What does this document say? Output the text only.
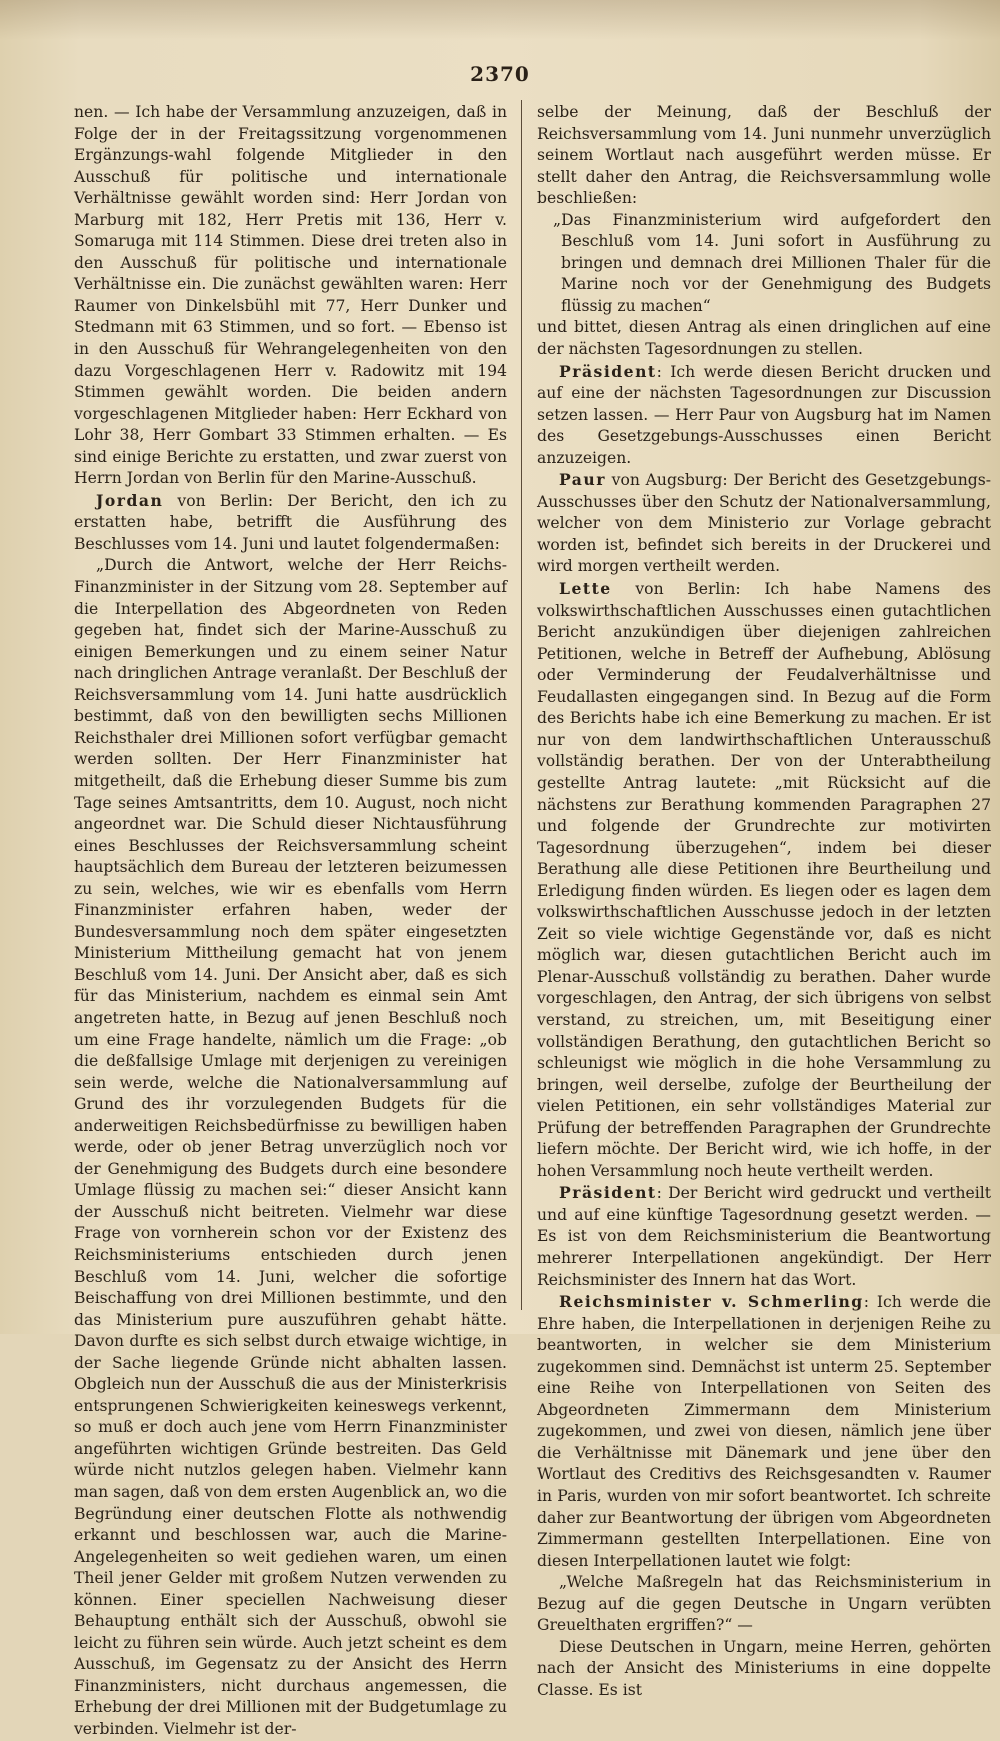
2370

nen. — Ich habe der Versammlung anzuzeigen, daß in Folge der in der Freitagssitzung vorgenommenen Ergänzungs-wahl folgende Mitglieder in den Ausschuß für politische und internationale Verhältnisse gewählt worden sind: Herr Jordan von Marburg mit 182, Herr Pretis mit 136, Herr v. Somaruga mit 114 Stimmen. Diese drei treten also in den Ausschuß für politische und internationale Verhältnisse ein. Die zunächst gewählten waren: Herr Raumer von Dinkelsbühl mit 77, Herr Dunker und Stedmann mit 63 Stimmen, und so fort. — Ebenso ist in den Ausschuß für Wehrangelegenheiten von den dazu Vorgeschlagenen Herr v. Radowitz mit 194 Stimmen gewählt worden. Die beiden andern vorgeschlagenen Mitglieder haben: Herr Eckhard von Lohr 38, Herr Gombart 33 Stimmen erhalten. — Es sind einige Berichte zu erstatten, und zwar zuerst von Herrn Jordan von Berlin für den Marine-Ausschuß.

Jordan von Berlin: Der Bericht, den ich zu erstatten habe, betrifft die Ausführung des Beschlusses vom 14. Juni und lautet folgendermaßen:

„Durch die Antwort, welche der Herr Reichs-Finanzminister in der Sitzung vom 28. September auf die Interpellation des Abgeordneten von Reden gegeben hat, findet sich der Marine-Ausschuß zu einigen Bemerkungen und zu einem seiner Natur nach dringlichen Antrage veranlaßt. Der Beschluß der Reichsversammlung vom 14. Juni hatte ausdrücklich bestimmt, daß von den bewilligten sechs Millionen Reichsthaler drei Millionen sofort verfügbar gemacht werden sollten. Der Herr Finanzminister hat mitgetheilt, daß die Erhebung dieser Summe bis zum Tage seines Amtsantritts, dem 10. August, noch nicht angeordnet war. Die Schuld dieser Nichtausführung eines Beschlusses der Reichsversammlung scheint hauptsächlich dem Bureau der letzteren beizumessen zu sein, welches, wie wir es ebenfalls vom Herrn Finanzminister erfahren haben, weder der Bundesversammlung noch dem später eingesetzten Ministerium Mittheilung gemacht hat von jenem Beschluß vom 14. Juni. Der Ansicht aber, daß es sich für das Ministerium, nachdem es einmal sein Amt angetreten hatte, in Bezug auf jenen Beschluß noch um eine Frage handelte, nämlich um die Frage: „ob die deßfallsige Umlage mit derjenigen zu vereinigen sein werde, welche die Nationalversammlung auf Grund des ihr vorzulegenden Budgets für die anderweitigen Reichsbedürfnisse zu bewilligen haben werde, oder ob jener Betrag unverzüglich noch vor der Genehmigung des Budgets durch eine besondere Umlage flüssig zu machen sei:“ dieser Ansicht kann der Ausschuß nicht beitreten. Vielmehr war diese Frage von vornherein schon vor der Existenz des Reichsministeriums entschieden durch jenen Beschluß vom 14. Juni, welcher die sofortige Beischaffung von drei Millionen bestimmte, und den das Ministerium pure auszuführen gehabt hätte. Davon durfte es sich selbst durch etwaige wichtige, in der Sache liegende Gründe nicht abhalten lassen. Obgleich nun der Ausschuß die aus der Ministerkrisis entsprungenen Schwierigkeiten keineswegs verkennt, so muß er doch auch jene vom Herrn Finanzminister angeführten wichtigen Gründe bestreiten. Das Geld würde nicht nutzlos gelegen haben. Vielmehr kann man sagen, daß von dem ersten Augenblick an, wo die Begründung einer deutschen Flotte als nothwendig erkannt und beschlossen war, auch die Marine-Angelegenheiten so weit gediehen waren, um einen Theil jener Gelder mit großem Nutzen verwenden zu können. Einer speciellen Nachweisung dieser Behauptung enthält sich der Ausschuß, obwohl sie leicht zu führen sein würde. Auch jetzt scheint es dem Ausschuß, im Gegensatz zu der Ansicht des Herrn Finanzministers, nicht durchaus angemessen, die Erhebung der drei Millionen mit der Budgetumlage zu verbinden. Vielmehr ist der-

selbe der Meinung, daß der Beschluß der Reichsversammlung vom 14. Juni nunmehr unverzüglich seinem Wortlaut nach ausgeführt werden müsse. Er stellt daher den Antrag, die Reichsversammlung wolle beschließen:

„Das Finanzministerium wird aufgefordert den Beschluß vom 14. Juni sofort in Ausführung zu bringen und demnach drei Millionen Thaler für die Marine noch vor der Genehmigung des Budgets flüssig zu machen“

und bittet, diesen Antrag als einen dringlichen auf eine der nächsten Tagesordnungen zu stellen.

Präsident: Ich werde diesen Bericht drucken und auf eine der nächsten Tagesordnungen zur Discussion setzen lassen. — Herr Paur von Augsburg hat im Namen des Gesetzgebungs-Ausschusses einen Bericht anzuzeigen.

Paur von Augsburg: Der Bericht des Gesetzgebungs-Ausschusses über den Schutz der Nationalversammlung, welcher von dem Ministerio zur Vorlage gebracht worden ist, befindet sich bereits in der Druckerei und wird morgen vertheilt werden.

Lette von Berlin: Ich habe Namens des volkswirthschaftlichen Ausschusses einen gutachtlichen Bericht anzukündigen über diejenigen zahlreichen Petitionen, welche in Betreff der Aufhebung, Ablösung oder Verminderung der Feudalverhältnisse und Feudallasten eingegangen sind. In Bezug auf die Form des Berichts habe ich eine Bemerkung zu machen. Er ist nur von dem landwirthschaftlichen Unterausschuß vollständig berathen. Der von der Unterabtheilung gestellte Antrag lautete: „mit Rücksicht auf die nächstens zur Berathung kommenden Paragraphen 27 und folgende der Grundrechte zur motivirten Tagesordnung überzugehen“, indem bei dieser Berathung alle diese Petitionen ihre Beurtheilung und Erledigung finden würden. Es liegen oder es lagen dem volkswirthschaftlichen Ausschusse jedoch in der letzten Zeit so viele wichtige Gegenstände vor, daß es nicht möglich war, diesen gutachtlichen Bericht auch im Plenar-Ausschuß vollständig zu berathen. Daher wurde vorgeschlagen, den Antrag, der sich übrigens von selbst verstand, zu streichen, um, mit Beseitigung einer vollständigen Berathung, den gutachtlichen Bericht so schleunigst wie möglich in die hohe Versammlung zu bringen, weil derselbe, zufolge der Beurtheilung der vielen Petitionen, ein sehr vollständiges Material zur Prüfung der betreffenden Paragraphen der Grundrechte liefern möchte. Der Bericht wird, wie ich hoffe, in der hohen Versammlung noch heute vertheilt werden.

Präsident: Der Bericht wird gedruckt und vertheilt und auf eine künftige Tagesordnung gesetzt werden. — Es ist von dem Reichsministerium die Beantwortung mehrerer Interpellationen angekündigt. Der Herr Reichsminister des Innern hat das Wort.

Reichsminister v. Schmerling: Ich werde die Ehre haben, die Interpellationen in derjenigen Reihe zu beantworten, in welcher sie dem Ministerium zugekommen sind. Demnächst ist unterm 25. September eine Reihe von Interpellationen von Seiten des Abgeordneten Zimmermann dem Ministerium zugekommen, und zwei von diesen, nämlich jene über die Verhältnisse mit Dänemark und jene über den Wortlaut des Creditivs des Reichsgesandten v. Raumer in Paris, wurden von mir sofort beantwortet. Ich schreite daher zur Beantwortung der übrigen vom Abgeordneten Zimmermann gestellten Interpellationen. Eine von diesen Interpellationen lautet wie folgt:

„Welche Maßregeln hat das Reichsministerium in Bezug auf die gegen Deutsche in Ungarn verübten Greuelthaten ergriffen?“ —

Diese Deutschen in Ungarn, meine Herren, gehörten nach der Ansicht des Ministeriums in eine doppelte Classe. Es ist
